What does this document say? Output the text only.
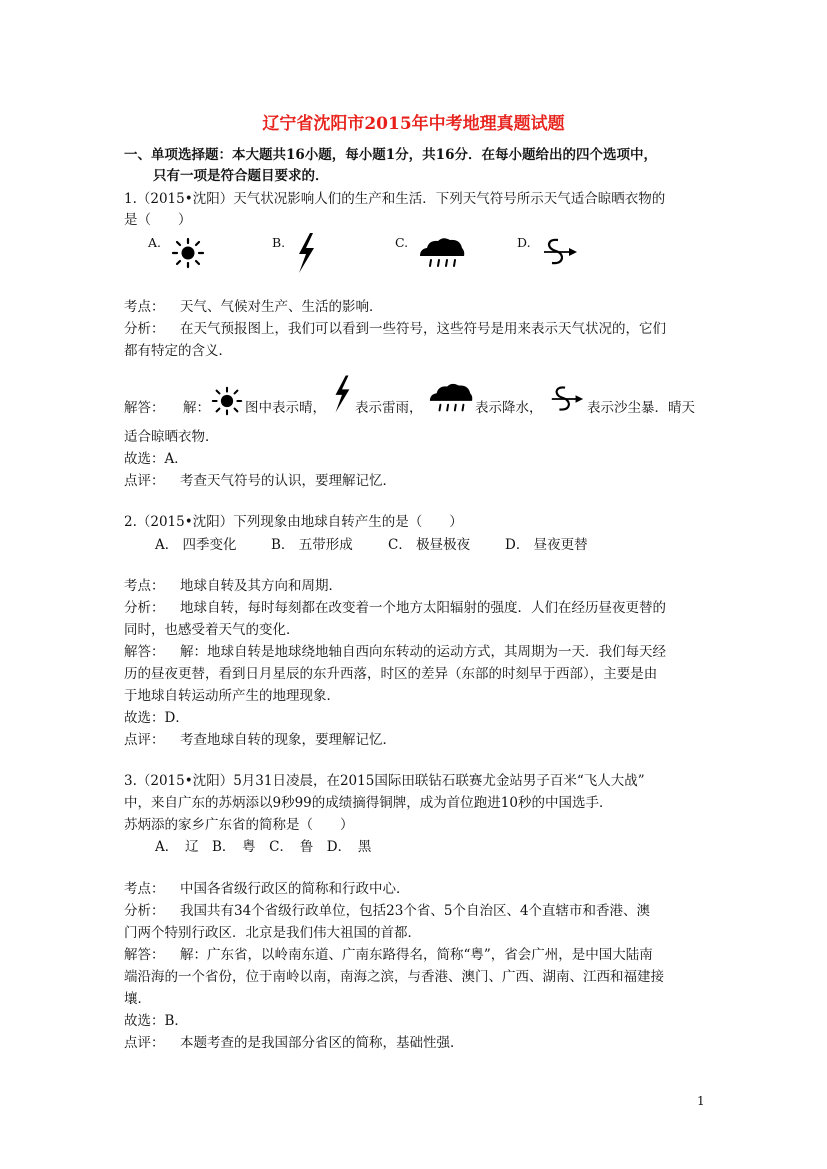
辽宁省沈阳市2015年中考地理真题试题
一、单项选择题：本大题共16小题，每小题1分，共16分．在每小题给出的四个选项中，
只有一项是符合题目要求的．
1.（2015•沈阳）天气状况影响人们的生产和生活．下列天气符号所示天气适合晾晒衣物的
是（　　）
A.	B.	C.	D.
考点： 天气、气候对生产、生活的影响．
分析： 在天气预报图上，我们可以看到一些符号，这些符号是用来表示天气状况的，它们
都有特定的含义．
解答： 解：	图中表示晴， 表示雷雨，	表示降水，	表示沙尘暴．晴天
适合晾晒衣物．
故选：A．
点评： 考查天气符号的认识，要理解记忆．
2.（2015•沈阳）下列现象由地球自转产生的是（　　）
A． 四季变化	B． 五带形成	C． 极昼极夜	D． 昼夜更替
考点： 地球自转及其方向和周期．
分析： 地球自转，每时每刻都在改变着一个地方太阳辐射的强度．人们在经历昼夜更替的
同时，也感受着天气的变化．
解答： 解：地球自转是地球绕地轴自西向东转动的运动方式，其周期为一天．我们每天经
历的昼夜更替，看到日月星辰的东升西落，时区的差异（东部的时刻早于西部），主要是由
于地球自转运动所产生的地理现象．
故选：D．
点评： 考查地球自转的现象，要理解记忆．
3.（2015•沈阳）5月31日凌晨，在2015国际田联钻石联赛尤金站男子百米“飞人大战”
中，来自广东的苏炳添以9秒99的成绩摘得铜牌，成为首位跑进10秒的中国选手．
苏炳添的家乡广东省的简称是（　　）
A．　辽　B．　粤　C．　鲁　D．　黑
考点： 中国各省级行政区的简称和行政中心．
分析： 我国共有34个省级行政单位，包括23个省、5个自治区、4个直辖市和香港、澳
门两个特别行政区．北京是我们伟大祖国的首都．
解答： 解：广东省，以岭南东道、广南东路得名，简称“粤”，省会广州，是中国大陆南
端沿海的一个省份，位于南岭以南，南海之滨，与香港、澳门、广西、湖南、江西和福建接
壤．
故选：B．
点评： 本题考查的是我国部分省区的简称，基础性强．
1
